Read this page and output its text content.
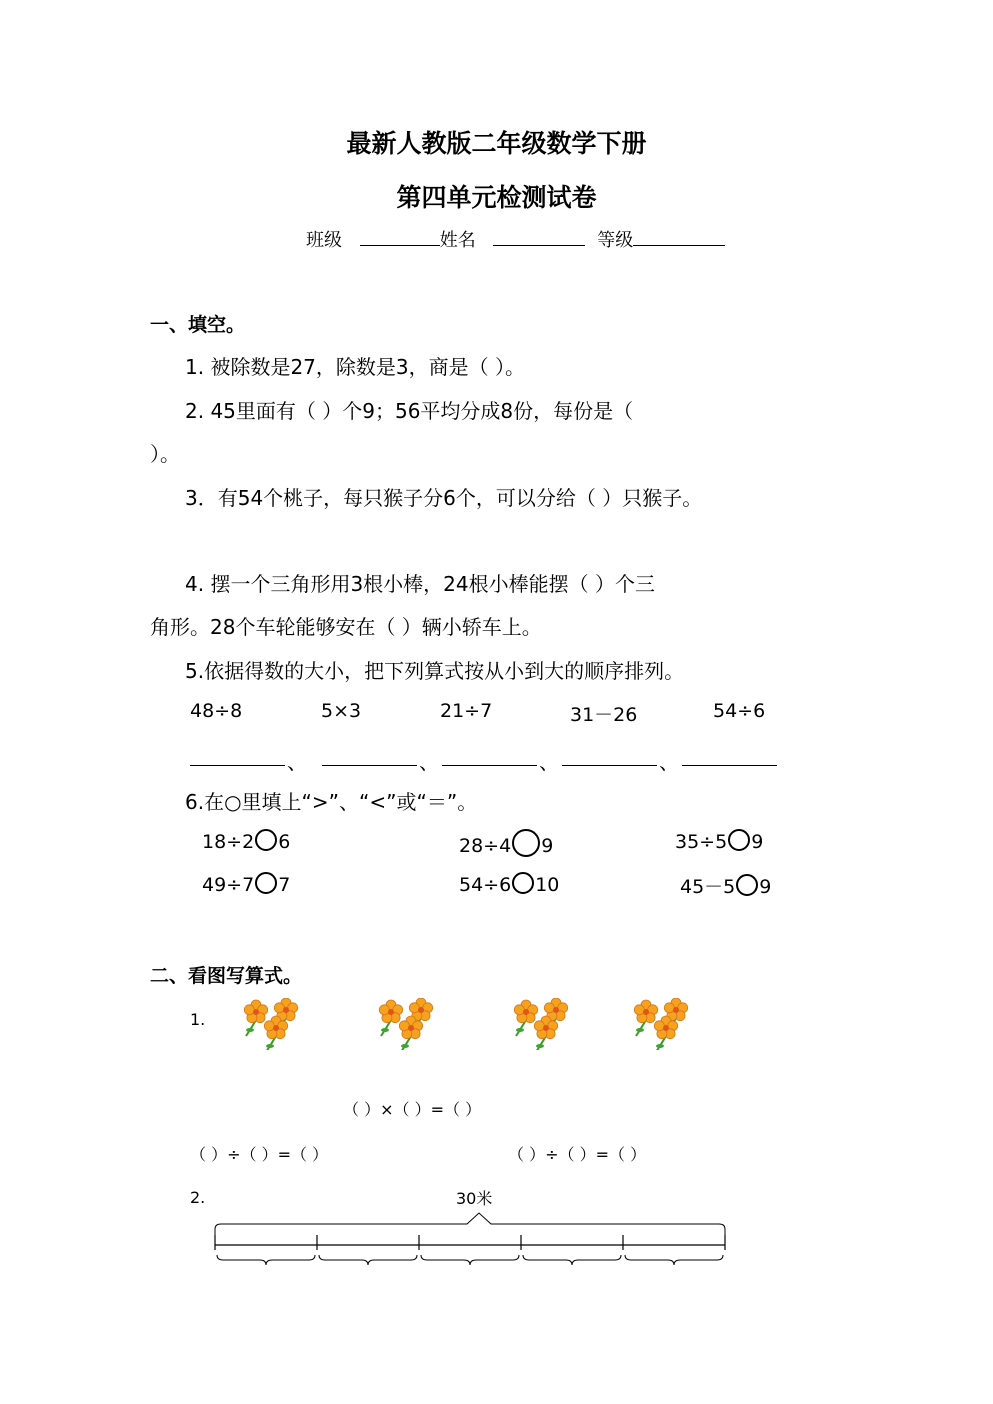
最新人教版二年级数学下册
第四单元检测试卷
班级	姓名	等级
一、填空。
1. 被除数是27，除数是3，商是（ ）。
2. 45里面有（ ）个9；56平均分成8份，每份是（
）。
3．有54个桃子，每只猴子分6个，可以分给（ ）只猴子。
4. 摆一个三角形用3根小棒，24根小棒能摆（ ）个三
角形。28个车轮能够安在（ ）辆小轿车上。
5.依据得数的大小，把下列算式按从小到大的顺序排列。
48÷8	5×3	21÷7	31－26	54÷6
、	、	、	、
6.在○里填上“>”、“<”或“＝”。
18÷2 6	28÷4 9	35÷5 9
49÷7 7	54÷6 10	45－5 9
二、看图写算式。
1.
（ ）×（ ）=（ ）
（ ）÷（ ）=（ ）	（ ）÷（ ）=（ ）
2.	30米
